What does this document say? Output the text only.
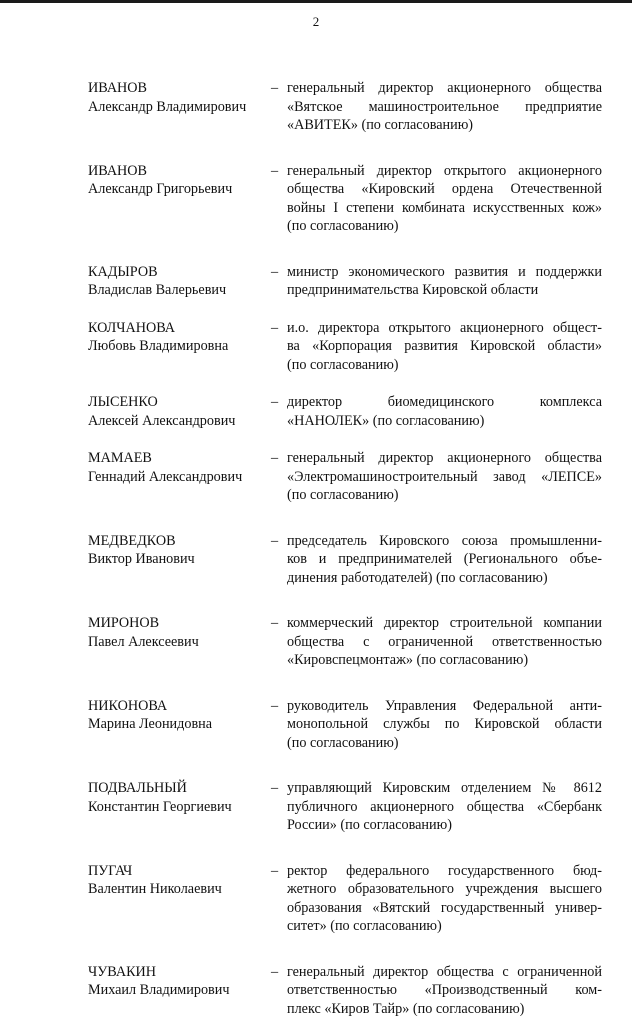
2
ИВАНОВ
Александр Владимирович
– генеральный директор акционерного общества
«Вятское машиностроительное предприятие
«АВИТЕК» (по согласованию)
ИВАНОВ
Александр Григорьевич
– генеральный директор открытого акционерного
общества «Кировский ордена Отечественной
войны I степени комбината искусственных кож»
(по согласованию)
КАДЫРОВ
Владислав Валерьевич
– министр экономического развития и поддержки
предпринимательства Кировской области
КОЛЧАНОВА
Любовь Владимировна
– и.о. директора открытого акционерного общест-
ва «Корпорация развития Кировской области»
(по согласованию)
ЛЫСЕНКО
Алексей Александрович
– директор биомедицинского комплекса
«НАНОЛЕК» (по согласованию)
МАМАЕВ
Геннадий Александрович
– генеральный директор акционерного общества
«Электромашиностроительный завод «ЛЕПСЕ»
(по согласованию)
МЕДВЕДКОВ
Виктор Иванович
– председатель Кировского союза промышленни-
ков и предпринимателей (Регионального объе-
динения работодателей) (по согласованию)
МИРОНОВ
Павел Алексеевич
– коммерческий директор строительной компании
общества с ограниченной ответственностью
«Кировспецмонтаж» (по согласованию)
НИКОНОВА
Марина Леонидовна
– руководитель Управления Федеральной анти-
монопольной службы по Кировской области
(по согласованию)
ПОДВАЛЬНЫЙ
Константин Георгиевич
– управляющий Кировским отделением № 8612
публичного акционерного общества «Сбербанк
России» (по согласованию)
ПУГАЧ
Валентин Николаевич
– ректор федерального государственного бюд-
жетного образовательного учреждения высшего
образования «Вятский государственный универ-
ситет» (по согласованию)
ЧУВАКИН
Михаил Владимирович
– генеральный директор общества с ограниченной
ответственностью «Производственный ком-
плекс «Киров Тайр» (по согласованию)
